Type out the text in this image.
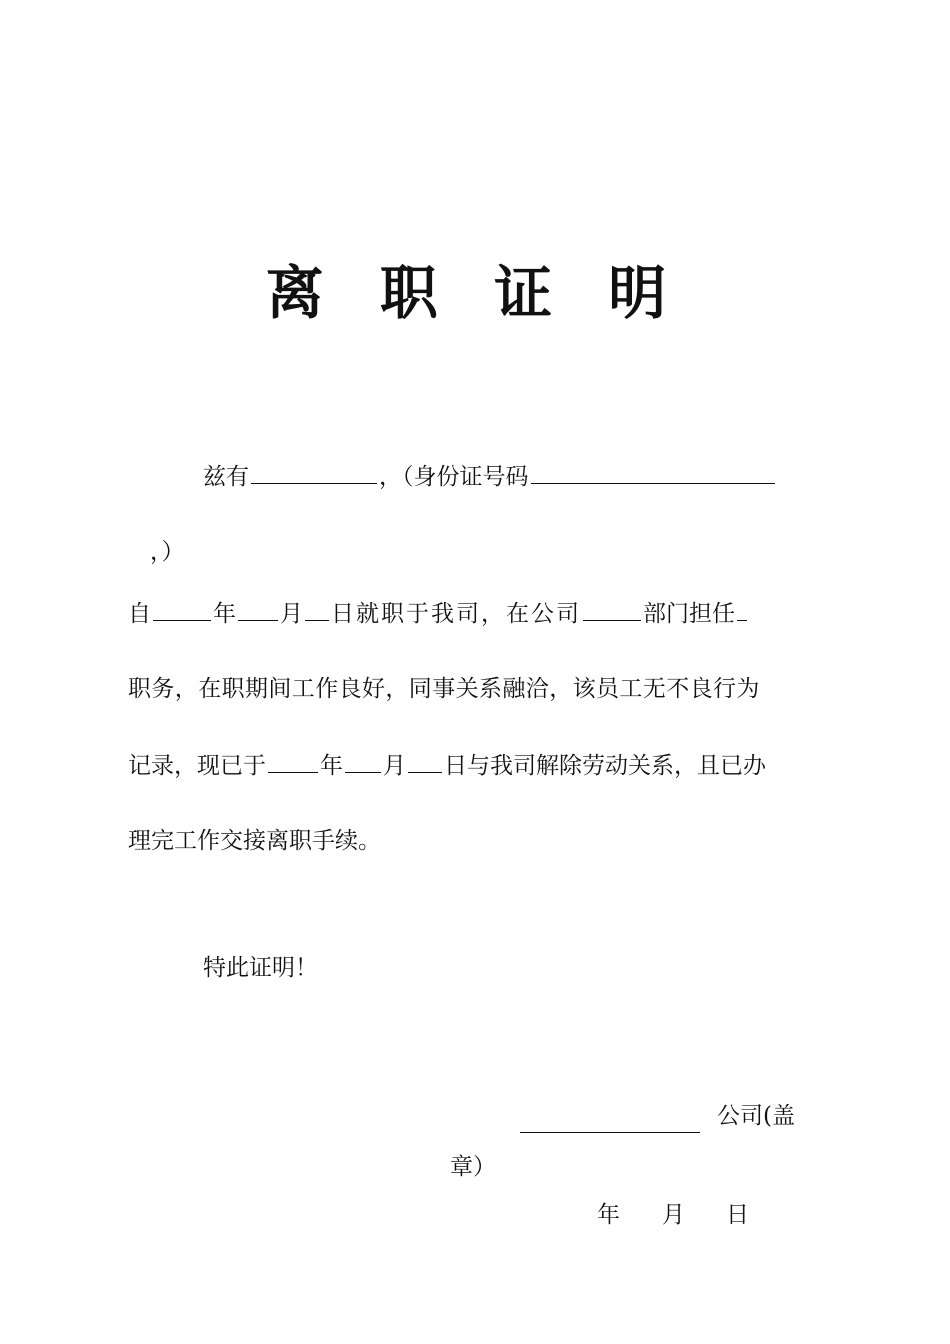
离 职 证 明
兹有	，（身份证号码
，）
自	年 月 日就职于我司，在公司	部门担任
职务，在职期间工作良好，同事关系融洽，该员工无不良行为
记录，现已于 年 月 日与我司解除劳动关系，且已办
理完工作交接离职手续。
特此证明！
公司(盖
章）
年 月 日
